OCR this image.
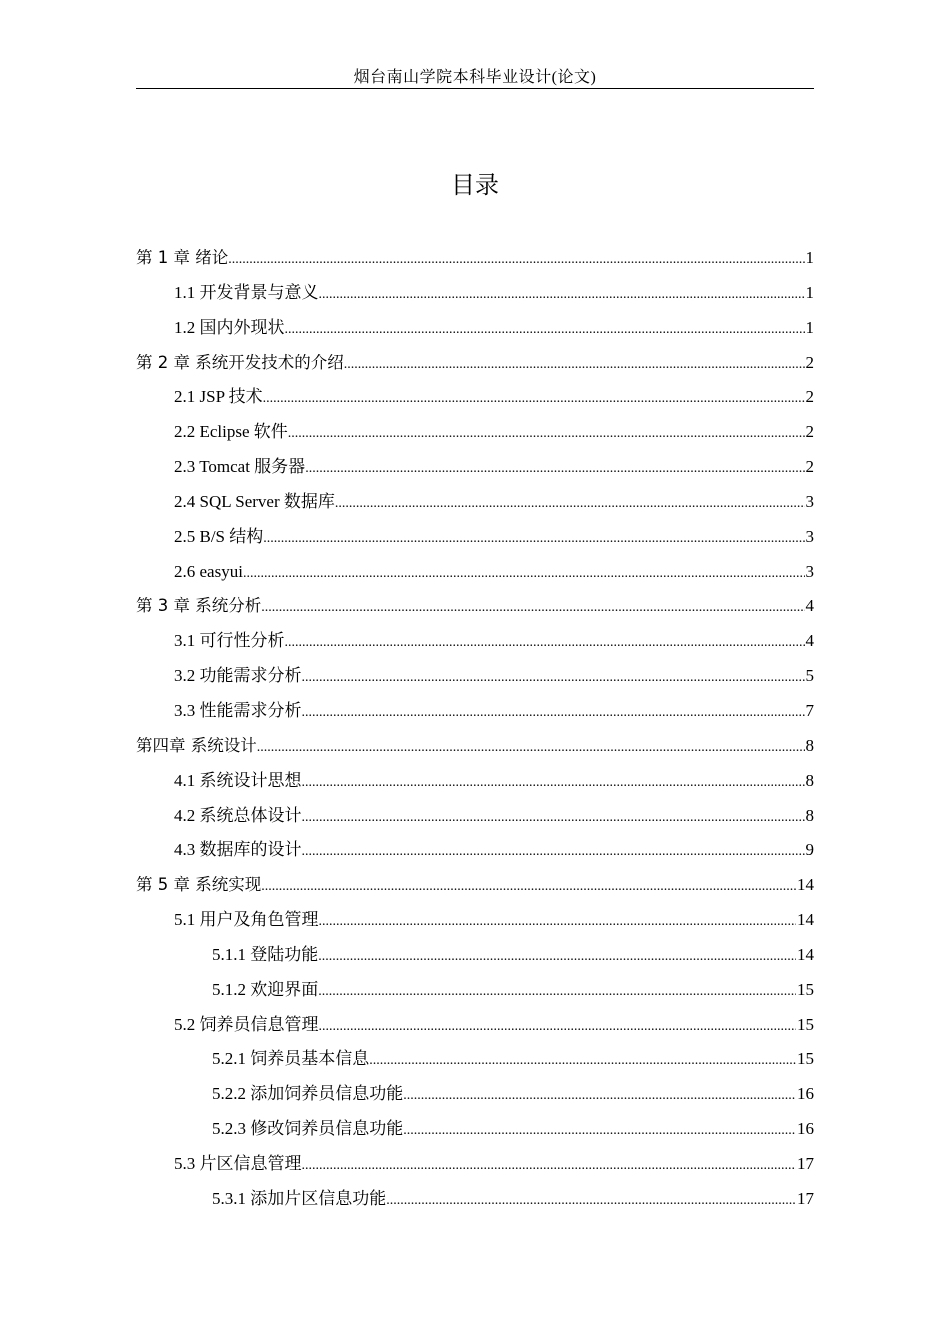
烟台南山学院本科毕业设计(论文)
目录
第 1 章 绪论 .....	1
1.1 开发背景与意义 .....	1
1.2 国内外现状 .....	1
第 2 章 系统开发技术的介绍 .....	2
2.1 JSP 技术 .....	2
2.2 Eclipse 软件 .....	2
2.3 Tomcat 服务器 .....	2
2.4 SQL Server 数据库 .....	3
2.5 B/S 结构 .....	3
2.6 easyui .....	3
第 3 章 系统分析 .....	4
3.1 可行性分析 .....	4
3.2 功能需求分析 .....	5
3.3 性能需求分析 .....	7
第四章 系统设计 .....	8
4.1 系统设计思想 .....	8
4.2 系统总体设计 .....	8
4.3 数据库的设计 .....	9
第 5 章 系统实现 .....	14
5.1 用户及角色管理 .....	14
5.1.1 登陆功能 .....	14
5.1.2 欢迎界面 .....	15
5.2 饲养员信息管理 .....	15
5.2.1 饲养员基本信息 .....	15
5.2.2 添加饲养员信息功能 .....	16
5.2.3 修改饲养员信息功能 .....	16
5.3 片区信息管理 .....	17
5.3.1 添加片区信息功能 .....	17
